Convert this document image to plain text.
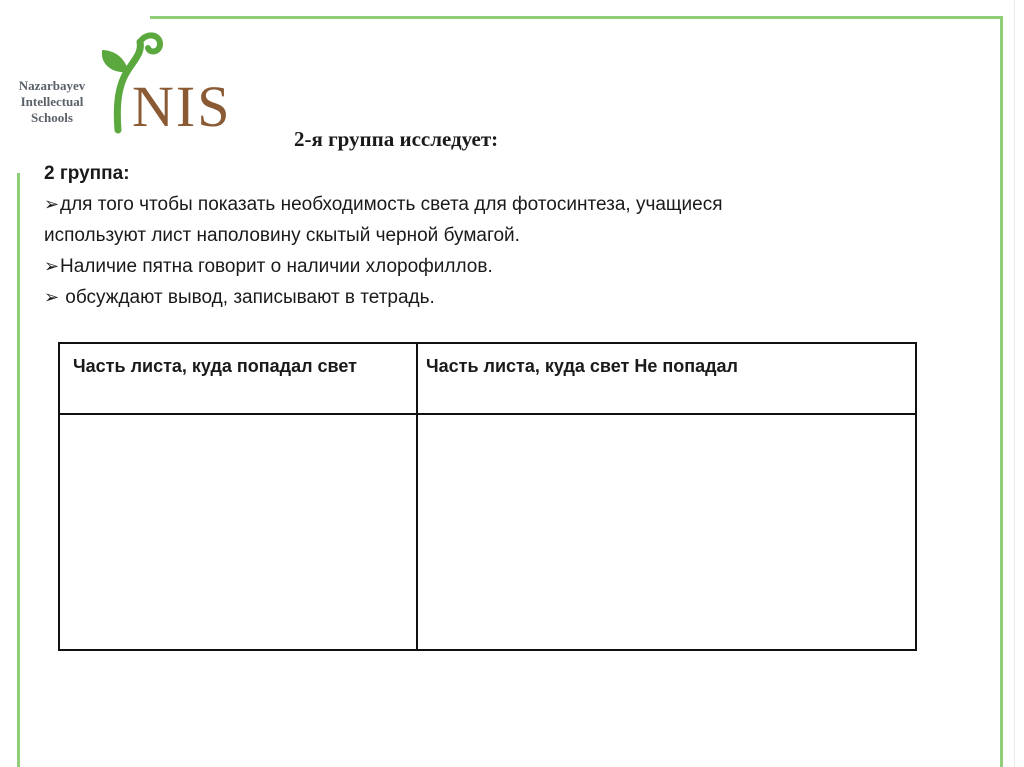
Nazarbayev
Intellectual
Schools	NIS	2-я группа исследует:
2 группа:
➢для того чтобы показать необходимость света для фотосинтеза, учащиеся
используют лист наполовину скытый черной бумагой.
➢Наличие пятна говорит о наличии хлорофиллов.
➢ обсуждают вывод, записывают в тетрадь.
Часть листа, куда попадал свет	Часть листа, куда свет Не попадал
